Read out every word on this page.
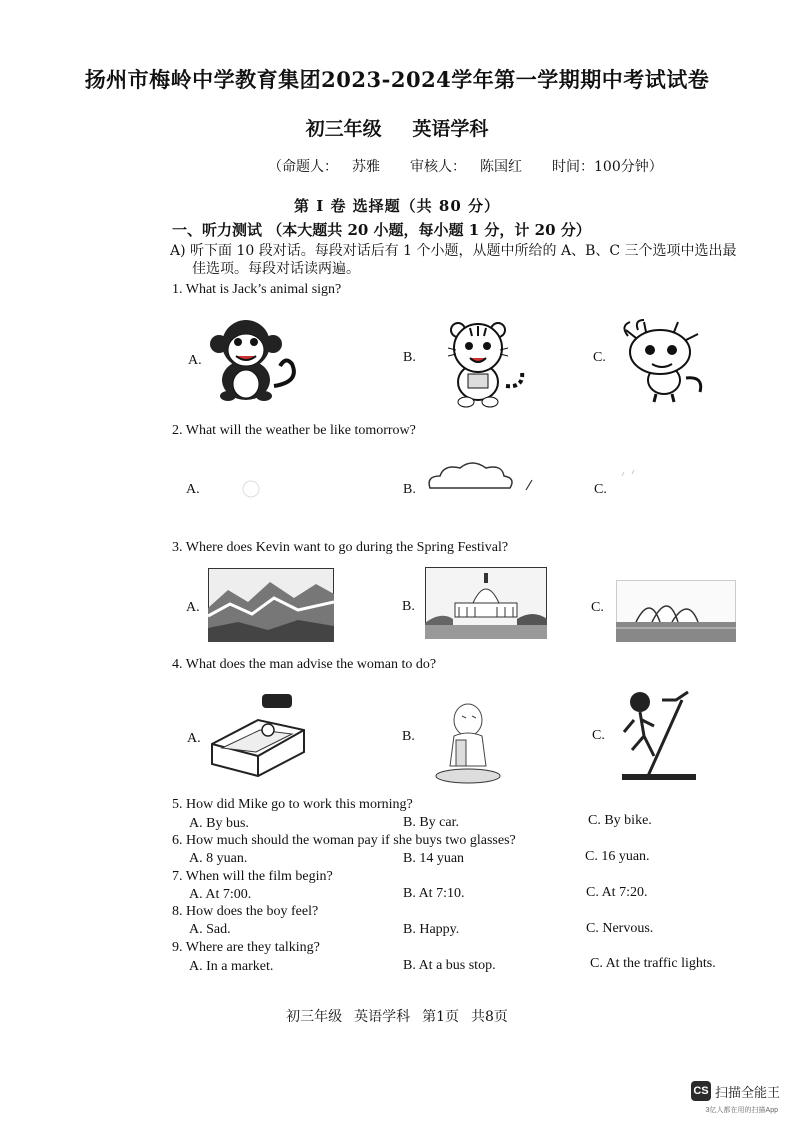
扬州市梅岭中学教育集团2023-2024学年第一学期期中考试试卷
初三年级 英语学科
（命题人： 苏雅 审核人： 陈国红 时间：100分钟）
第 I 卷 选择题（共 80 分）
一、听力测试 （本大题共 20 小题，每小题 1 分，计 20 分）
A) 听下面 10 段对话。每段对话后有 1 个小题，从题中所给的 A、B、C 三个选项中选出最
佳选项。每段对话读两遍。
1. What is Jack’s animal sign?
A.	B.	C.
2. What will the weather be like tomorrow?
A.	B.	C.
3. Where does Kevin want to go during the Spring Festival?
A.	B.	C.
4. What does the man advise the woman to do?
A.	B.	C.
5. How did Mike go to work this morning?
A. By bus.	B. By car.	C. By bike.
6. How much should the woman pay if she buys two glasses?
A. 8 yuan.	B. 14 yuan	C. 16 yuan.
7. When will the film begin?
A. At 7:00.	B. At 7:10.	C. At 7:20.
8. How does the boy feel?
A. Sad.	B. Happy.	C. Nervous.
9. Where are they talking?
A. In a market.	B. At a bus stop.	C. At the traffic lights.
初三年级 英语学科 第1页 共8页
CS 扫描全能王
3亿人都在用的扫描App
